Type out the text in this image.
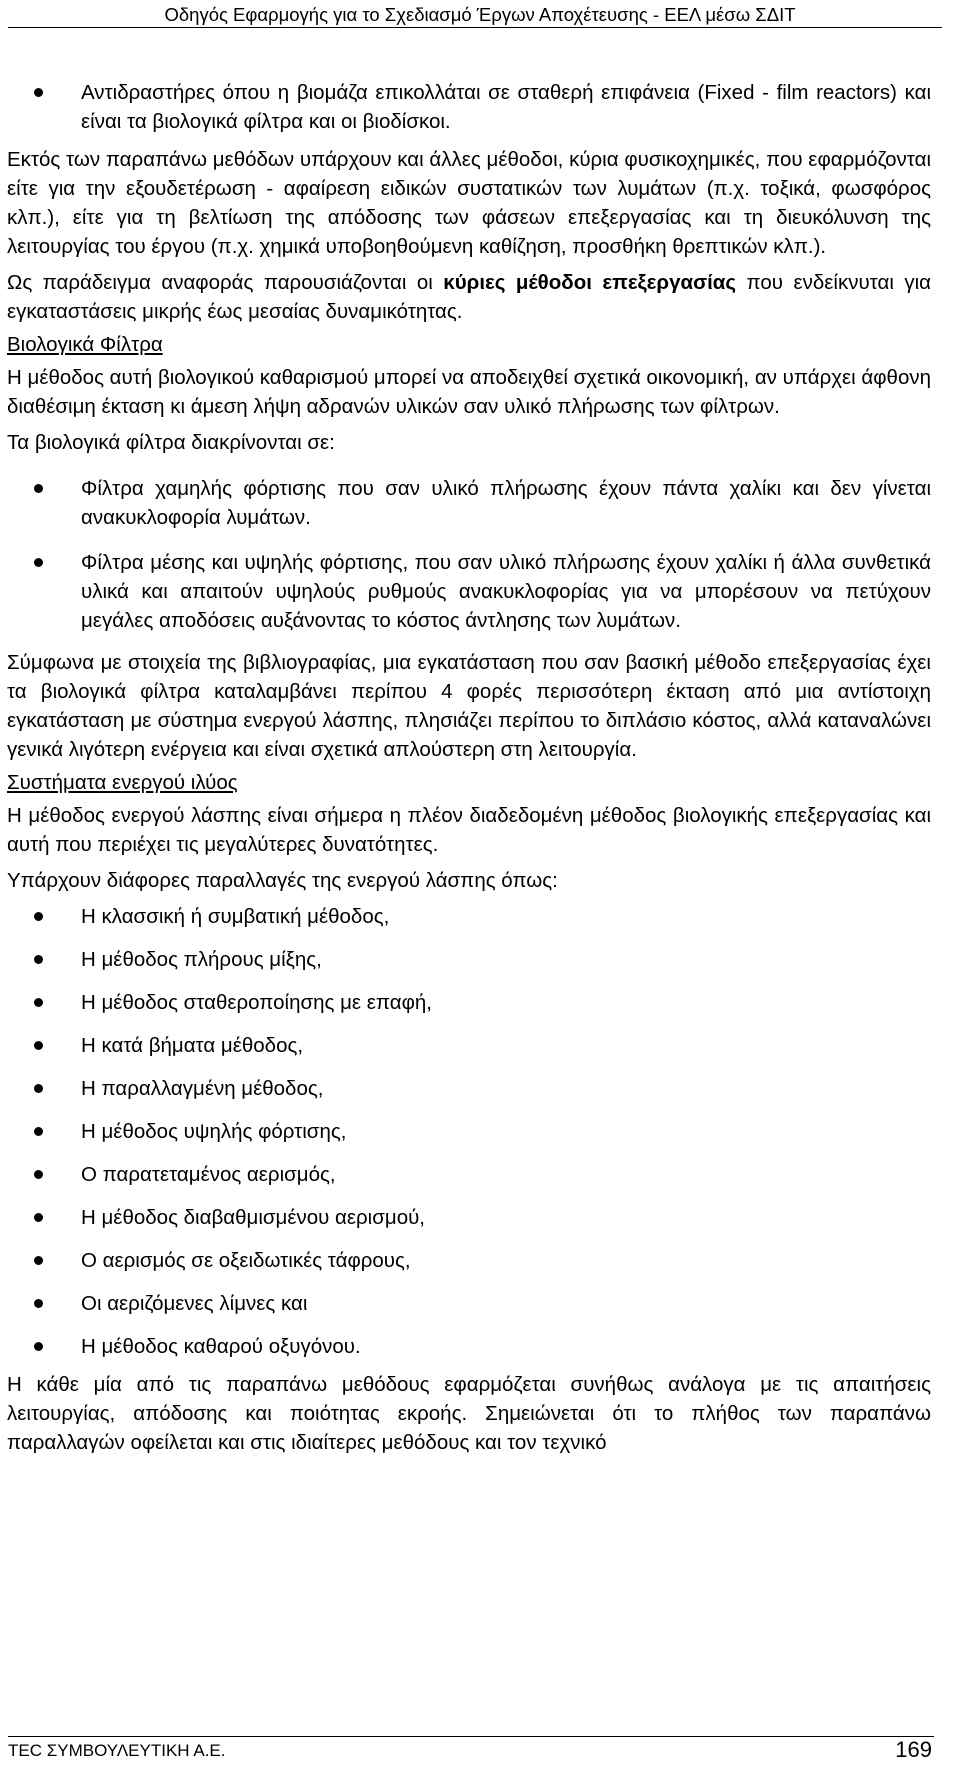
Οδηγός Εφαρμογής για το Σχεδιασμό Έργων Αποχέτευσης - ΕΕΛ μέσω ΣΔΙΤ
Αντιδραστήρες όπου η βιομάζα επικολλάται σε σταθερή επιφάνεια (Fixed - film reactors) και είναι τα βιολογικά φίλτρα και οι βιοδίσκοι.

Εκτός των παραπάνω μεθόδων υπάρχουν και άλλες μέθοδοι, κύρια φυσικοχημικές, που εφαρμόζονται είτε για την εξουδετέρωση - αφαίρεση ειδικών συστατικών των λυμάτων (π.χ. τοξικά, φωσφόρος κλπ.), είτε για τη βελτίωση της απόδοσης των φάσεων επεξεργασίας και τη διευκόλυνση της λειτουργίας του έργου (π.χ. χημικά υποβοηθούμενη καθίζηση, προσθήκη θρεπτικών κλπ.).

Ως παράδειγμα αναφοράς παρουσιάζονται οι κύριες μέθοδοι επεξεργασίας που ενδείκνυται για εγκαταστάσεις μικρής έως μεσαίας δυναμικότητας.

Βιολογικά Φίλτρα

Η μέθοδος αυτή βιολογικού καθαρισμού μπορεί να αποδειχθεί σχετικά οικονομική, αν υπάρχει άφθονη διαθέσιμη έκταση κι άμεση λήψη αδρανών υλικών σαν υλικό πλήρωσης των φίλτρων.

Τα βιολογικά φίλτρα διακρίνονται σε:

Φίλτρα χαμηλής φόρτισης που σαν υλικό πλήρωσης έχουν πάντα χαλίκι και δεν γίνεται ανακυκλοφορία λυμάτων.
Φίλτρα μέσης και υψηλής φόρτισης, που σαν υλικό πλήρωσης έχουν χαλίκι ή άλλα συνθετικά υλικά και απαιτούν υψηλούς ρυθμούς ανακυκλοφορίας για να μπορέσουν να πετύχουν μεγάλες αποδόσεις αυξάνοντας το κόστος άντλησης των λυμάτων.

Σύμφωνα με στοιχεία της βιβλιογραφίας, μια εγκατάσταση που σαν βασική μέθοδο επεξεργασίας έχει τα βιολογικά φίλτρα καταλαμβάνει περίπου 4 φορές περισσότερη έκταση από μια αντίστοιχη εγκατάσταση με σύστημα ενεργού λάσπης, πλησιάζει περίπου το διπλάσιο κόστος, αλλά καταναλώνει γενικά λιγότερη ενέργεια και είναι σχετικά απλούστερη στη λειτουργία.

Συστήματα ενεργού ιλύος

Η μέθοδος ενεργού λάσπης είναι σήμερα η πλέον διαδεδομένη μέθοδος βιολογικής επεξεργασίας και αυτή που περιέχει τις μεγαλύτερες δυνατότητες.

Υπάρχουν διάφορες παραλλαγές της ενεργού λάσπης όπως:

Η κλασσική ή συμβατική μέθοδος,
Η μέθοδος πλήρους μίξης,
Η μέθοδος σταθεροποίησης με επαφή,
Η κατά βήματα μέθοδος,
Η παραλλαγμένη μέθοδος,
Η μέθοδος υψηλής φόρτισης,
Ο παρατεταμένος αερισμός,
Η μέθοδος διαβαθμισμένου αερισμού,
Ο αερισμός σε οξειδωτικές τάφρους,
Οι αεριζόμενες λίμνες και
Η μέθοδος καθαρού οξυγόνου.

Η κάθε μία από τις παραπάνω μεθόδους εφαρμόζεται συνήθως ανάλογα με τις απαιτήσεις λειτουργίας, απόδοσης και ποιότητας εκροής. Σημειώνεται ότι το πλήθος των παραπάνω παραλλαγών οφείλεται και στις ιδιαίτερες μεθόδους και τον τεχνικό

ΤΕC ΣΥΜΒΟΥΛΕΥΤΙΚΗ Α.Ε.	169
